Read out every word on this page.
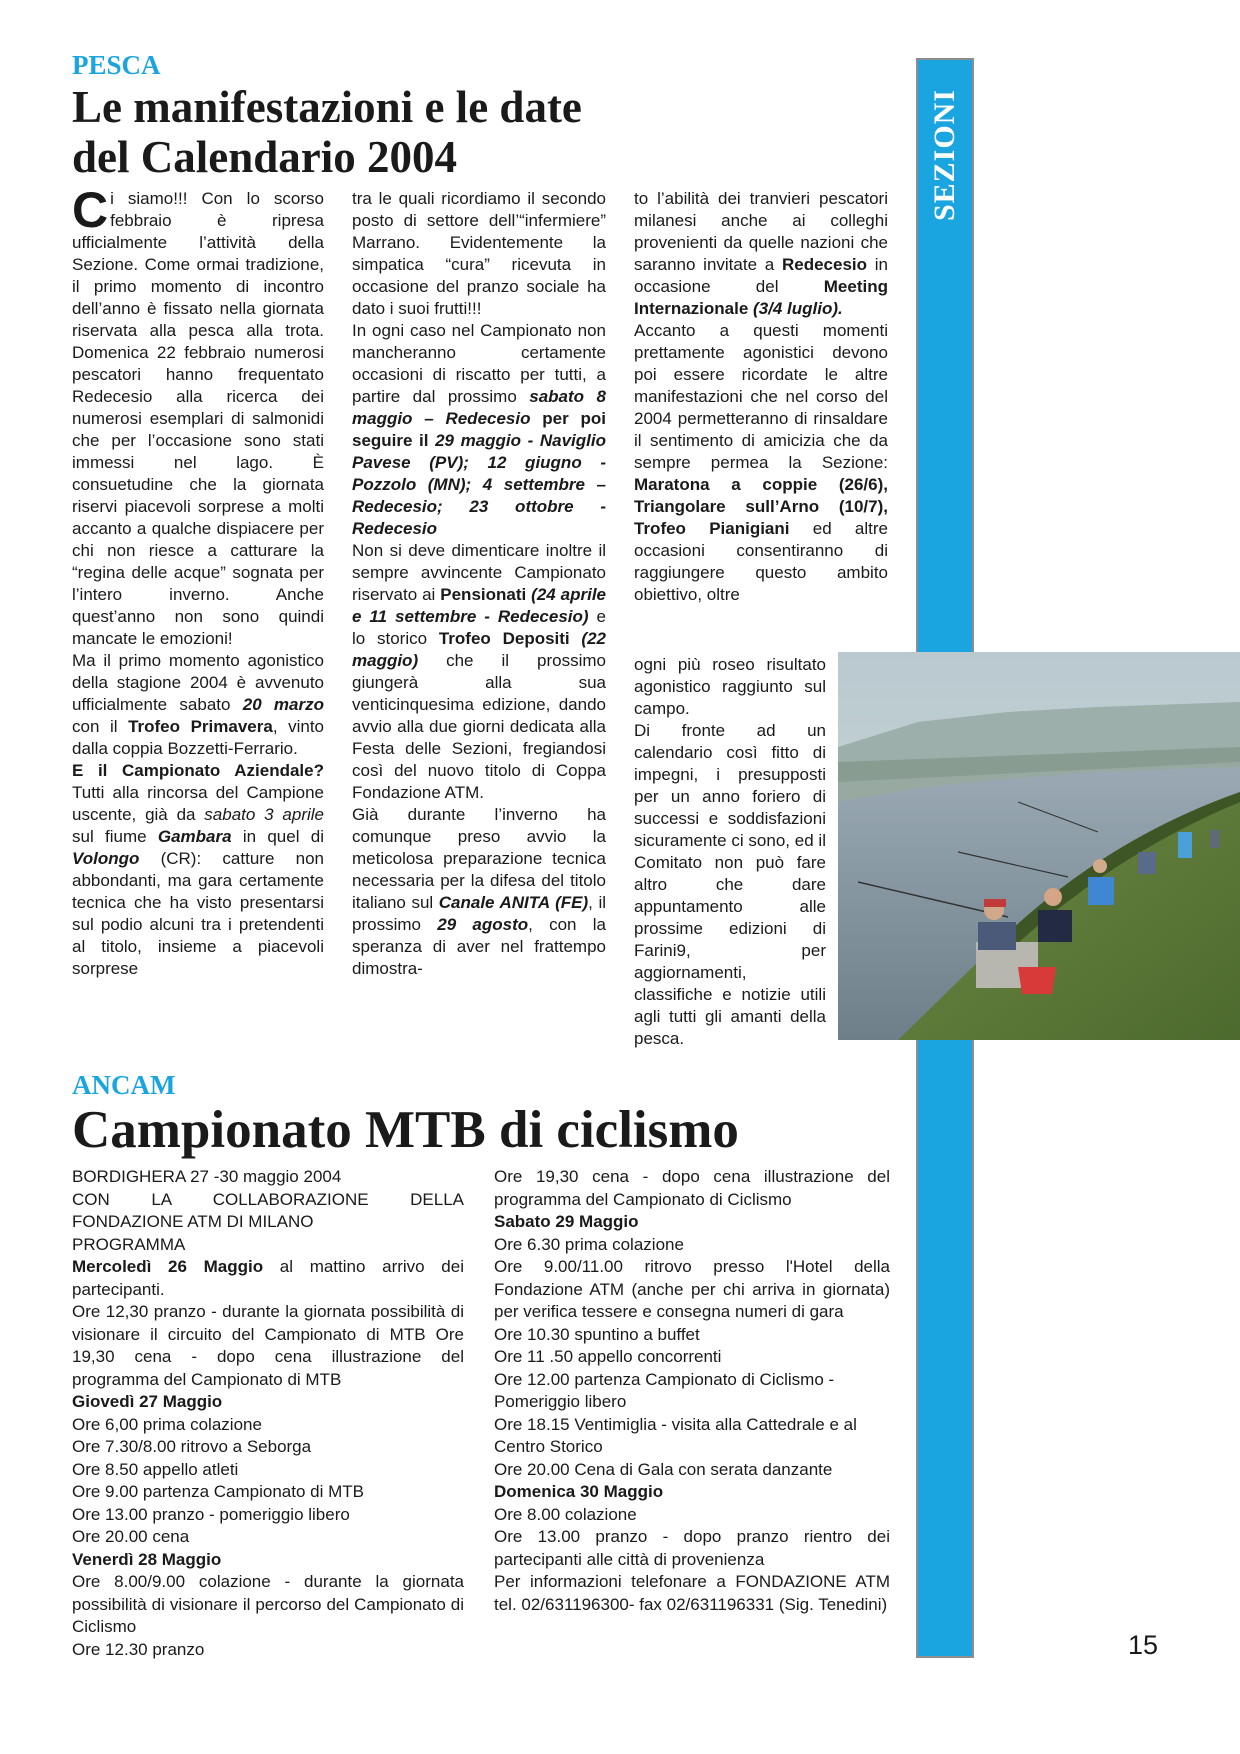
SEZIONI
PESCA
Le manifestazioni e le date
del Calendario 2004

Ci siamo!!! Con lo scorso febbraio è ripresa ufficialmente l’attività della Sezione. Come ormai tradizione, il primo momento di incontro dell’anno è fissato nella giornata riservata alla pesca alla trota. Domenica 22 febbraio numerosi pescatori hanno frequentato Redecesio alla ricerca dei numerosi esemplari di salmonidi che per l’occasione sono stati immessi nel lago. È consuetudine che la giornata riservi piacevoli sorprese a molti accanto a qualche dispiacere per chi non riesce a catturare la “regina delle acque” sognata per l’intero inverno. Anche quest’anno non sono quindi mancate le emozioni!

Ma il primo momento agonistico della stagione 2004 è avvenuto ufficialmente sabato 20 marzo con il Trofeo Primavera, vinto dalla coppia Bozzetti-Ferrario.

E il Campionato Aziendale? Tutti alla rincorsa del Campione uscente, già da sabato 3 aprile sul fiume Gambara in quel di Volongo (CR): catture non abbondanti, ma gara certamente tecnica che ha visto presentarsi sul podio alcuni tra i pretendenti al titolo, insieme a piacevoli sorprese

tra le quali ricordiamo il secondo posto di settore dell’“infermiere” Marrano. Evidentemente la simpatica “cura” ricevuta in occasione del pranzo sociale ha dato i suoi frutti!!!

In ogni caso nel Campionato non mancheranno certamente occasioni di riscatto per tutti, a partire dal prossimo sabato 8 maggio – Redecesio per poi seguire il 29 maggio - Naviglio Pavese (PV); 12 giugno - Pozzolo (MN); 4 settembre – Redecesio; 23 ottobre - Redecesio

Non si deve dimenticare inoltre il sempre avvincente Campionato riservato ai Pensionati (24 aprile e 11 settembre - Redecesio) e lo storico Trofeo Depositi (22 maggio) che il prossimo giungerà alla sua venticinquesima edizione, dando avvio alla due giorni dedicata alla Festa delle Sezioni, fregiandosi così del nuovo titolo di Coppa Fondazione ATM.

Già durante l’inverno ha comunque preso avvio la meticolosa preparazione tecnica necessaria per la difesa del titolo italiano sul Canale ANITA (FE), il prossimo 29 agosto, con la speranza di aver nel frattempo dimostra-

to l’abilità dei tranvieri pescatori milanesi anche ai colleghi provenienti da quelle nazioni che saranno invitate a Redecesio in occasione del Meeting Internazionale (3/4 luglio).

Accanto a questi momenti prettamente agonistici devono poi essere ricordate le altre manifestazioni che nel corso del 2004 permetteranno di rinsaldare il sentimento di amicizia che da sempre permea la Sezione: Maratona a coppie (26/6), Triangolare sull’Arno (10/7), Trofeo Pianigiani ed altre occasioni consentiranno di raggiungere questo ambito obiettivo, oltre

ogni più roseo risultato agonistico raggiunto sul campo.

Di fronte ad un calendario così fitto di impegni, i presupposti per un anno foriero di successi e soddisfazioni sicuramente ci sono, ed il Comitato non può fare altro che dare appuntamento alle prossime edizioni di Farini9, per aggiornamenti, classifiche e notizie utili agli tutti gli amanti della pesca.

ANCAM
Campionato MTB di ciclismo

BORDIGHERA 27 -30 maggio 2004

CON LA COLLABORAZIONE DELLA FONDAZIONE ATM DI MILANO

PROGRAMMA

Mercoledì 26 Maggio al mattino arrivo dei partecipanti.

Ore 12,30 pranzo - durante la giornata possibilità di visionare il circuito del Campionato di MTB Ore 19,30 cena - dopo cena illustrazione del programma del Campionato di MTB

Giovedì 27 Maggio

Ore 6,00 prima colazione

Ore 7.30/8.00 ritrovo a Seborga

Ore 8.50 appello atleti

Ore 9.00 partenza Campionato di MTB

Ore 13.00 pranzo - pomeriggio libero

Ore 20.00 cena

Venerdì 28 Maggio

Ore 8.00/9.00 colazione - durante la giornata possibilità di visionare il percorso del Campionato di Ciclismo

Ore 12.30 pranzo

Ore 19,30 cena - dopo cena illustrazione del programma del Campionato di Ciclismo

Sabato 29 Maggio

Ore 6.30 prima colazione

Ore 9.00/11.00 ritrovo presso l'Hotel della Fondazione ATM (anche per chi arriva in giornata) per verifica tessere e consegna numeri di gara

Ore 10.30 spuntino a buffet

Ore 11 .50 appello concorrenti

Ore 12.00 partenza Campionato di Ciclismo - Pomeriggio libero

Ore 18.15 Ventimiglia - visita alla Cattedrale e al Centro Storico

Ore 20.00 Cena di Gala con serata danzante

Domenica 30 Maggio

Ore 8.00 colazione

Ore 13.00 pranzo - dopo pranzo rientro dei partecipanti alle città di provenienza

Per informazioni telefonare a FONDAZIONE ATM tel. 02/631196300- fax 02/631196331 (Sig. Tenedini)

15
